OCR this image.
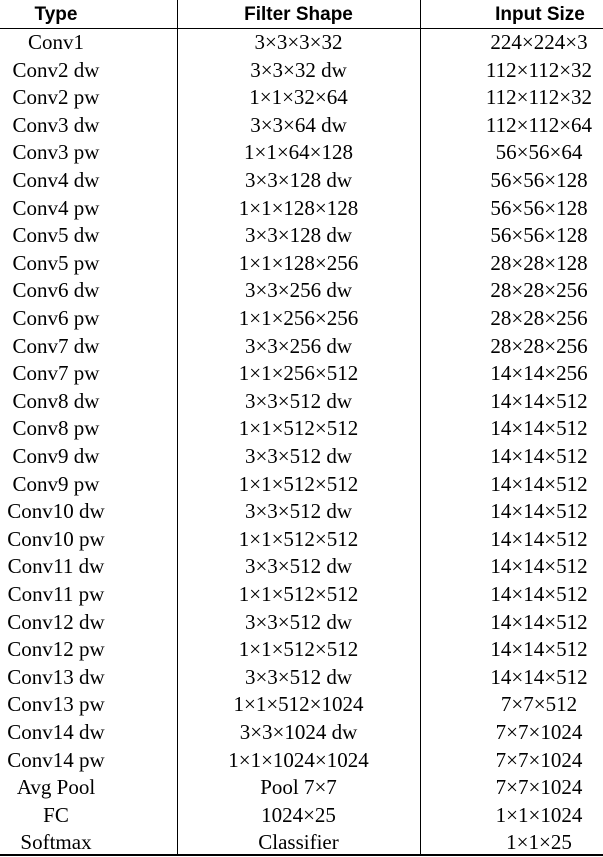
Type	Filter Shape	Input Size
Conv1	3×3×3×32	224×224×3
Conv2 dw	3×3×32 dw	112×112×32
Conv2 pw	1×1×32×64	112×112×32
Conv3 dw	3×3×64 dw	112×112×64
Conv3 pw	1×1×64×128	56×56×64
Conv4 dw	3×3×128 dw	56×56×128
Conv4 pw	1×1×128×128	56×56×128
Conv5 dw	3×3×128 dw	56×56×128
Conv5 pw	1×1×128×256	28×28×128
Conv6 dw	3×3×256 dw	28×28×256
Conv6 pw	1×1×256×256	28×28×256
Conv7 dw	3×3×256 dw	28×28×256
Conv7 pw	1×1×256×512	14×14×256
Conv8 dw	3×3×512 dw	14×14×512
Conv8 pw	1×1×512×512	14×14×512
Conv9 dw	3×3×512 dw	14×14×512
Conv9 pw	1×1×512×512	14×14×512
Conv10 dw	3×3×512 dw	14×14×512
Conv10 pw	1×1×512×512	14×14×512
Conv11 dw	3×3×512 dw	14×14×512
Conv11 pw	1×1×512×512	14×14×512
Conv12 dw	3×3×512 dw	14×14×512
Conv12 pw	1×1×512×512	14×14×512
Conv13 dw	3×3×512 dw	14×14×512
Conv13 pw	1×1×512×1024	7×7×512
Conv14 dw	3×3×1024 dw	7×7×1024
Conv14 pw	1×1×1024×1024	7×7×1024
Avg Pool	Pool 7×7	7×7×1024
FC	1024×25	1×1×1024
Softmax	Classifier	1×1×25
